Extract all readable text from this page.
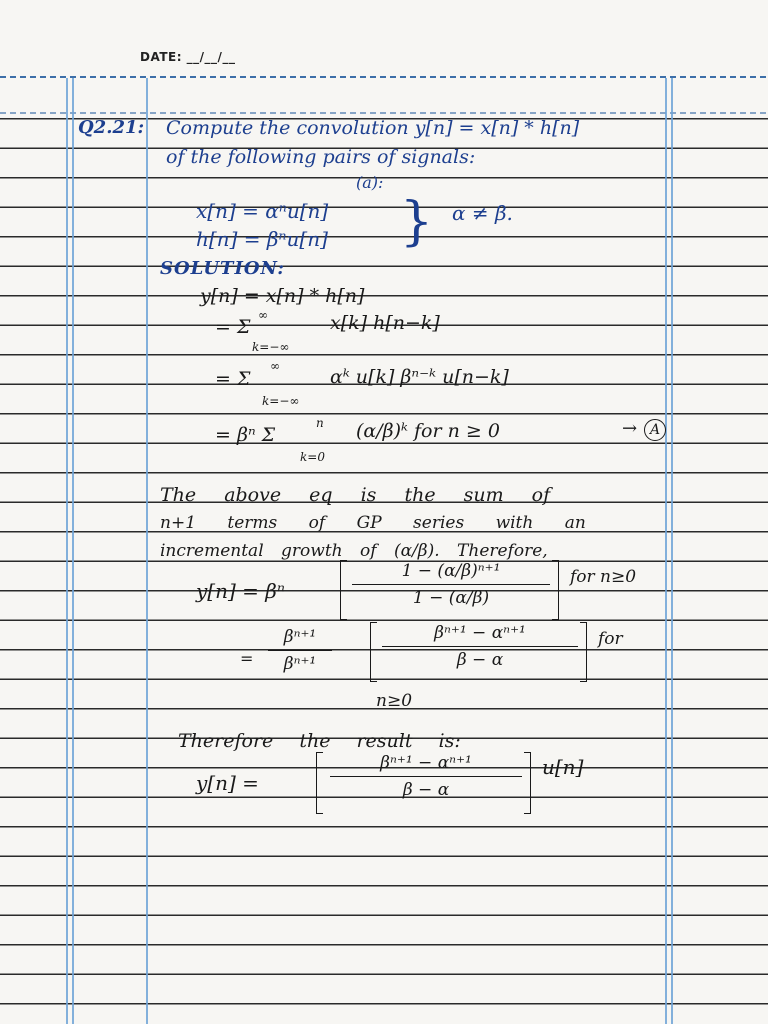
DATE: __/__/__
Q2.21: Compute the convolution y[n] = x[n] * h[n]
of the following pairs of signals:
(a):
x[n] = αⁿu[n]
h[n] = βⁿu[n] } α ≠ β.
SOLUTION:
y[n] = x[n] * h[n]
∞
= Σ	x[k] h[n−k]
k=−∞
∞
= Σ	αᵏ u[k] βⁿ⁻ᵏ u[n−k]
k=−∞
n
= βⁿ Σ	(α/β)ᵏ for n ≥ 0
k=0
→ A
The above eq is the sum of
n+1 terms of GP series with an
incremental growth of (α/β). Therefore,
y[n] = βⁿ
1 − (α/β)ⁿ⁺¹
1 − (α/β)
for n≥0
=
βⁿ⁺¹
βⁿ⁺¹
βⁿ⁺¹ − αⁿ⁺¹
β − α
for
n≥0
Therefore the result is:
y[n] =
βⁿ⁺¹ − αⁿ⁺¹
β − α
u[n]
